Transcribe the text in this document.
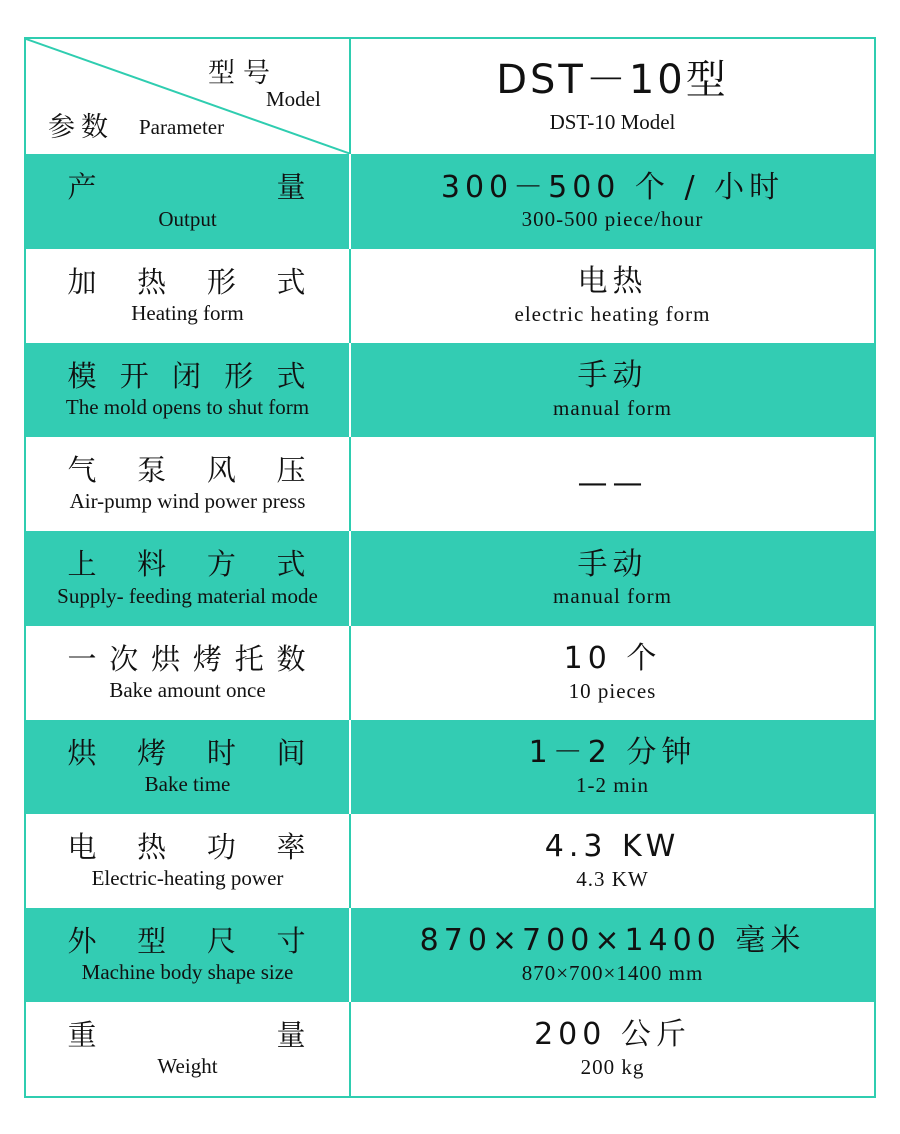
型号
Model
参数 Parameter
DST－10型
DST-10 Model
产	量
Output
300－500 个 / 小时
300-500 piece/hour
加 热 形 式
Heating form
电热
electric heating form
模 开 闭 形 式
The mold opens to shut form
手动
manual form
气 泵 风 压
Air-pump wind power press
——
上 料 方 式
Supply- feeding material mode
手动
manual form
一 次 烘 烤 托 数
Bake amount once
10 个
10 pieces
烘 烤 时 间
Bake time
1－2 分钟
1-2 min
电 热 功 率
Electric-heating power
4.3 KW
4.3 KW
外 型 尺 寸
Machine body shape size
870×700×1400 毫米
870×700×1400 mm
重	量
Weight
200 公斤
200 kg
